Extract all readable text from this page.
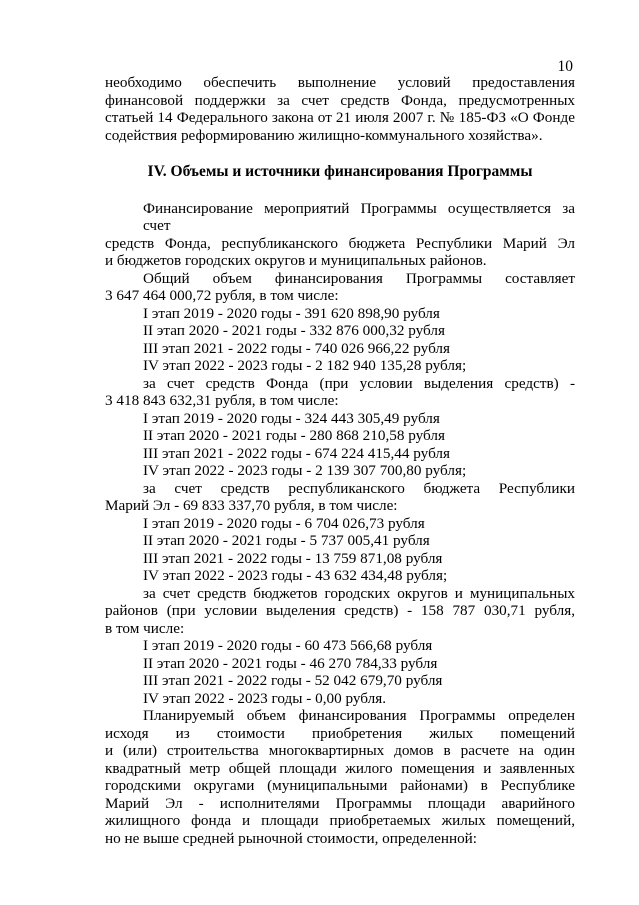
10
необходимо обеспечить выполнение условий предоставления
финансовой поддержки за счет средств Фонда, предусмотренных
статьей 14 Федерального закона от 21 июля 2007 г. № 185-ФЗ «О Фонде
содействия реформированию жилищно-коммунального хозяйства».
IV. Объемы и источники финансирования Программы
Финансирование мероприятий Программы осуществляется за счет
средств Фонда, республиканского бюджета Республики Марий Эл
и бюджетов городских округов и муниципальных районов.
Общий объем финансирования Программы составляет
3 647 464 000,72 рубля, в том числе:
I этап 2019 - 2020 годы - 391 620 898,90 рубля
II этап 2020 - 2021 годы - 332 876 000,32 рубля
III этап 2021 - 2022 годы - 740 026 966,22 рубля
IV этап 2022 - 2023 годы - 2 182 940 135,28 рубля;
за счет средств Фонда (при условии выделения средств) -
3 418 843 632,31 рубля, в том числе:
I этап 2019 - 2020 годы - 324 443 305,49 рубля
II этап 2020 - 2021 годы - 280 868 210,58 рубля
III этап 2021 - 2022 годы - 674 224 415,44 рубля
IV этап 2022 - 2023 годы - 2 139 307 700,80 рубля;
за счет средств республиканского бюджета Республики
Марий Эл - 69 833 337,70 рубля, в том числе:
I этап 2019 - 2020 годы - 6 704 026,73 рубля
II этап 2020 - 2021 годы - 5 737 005,41 рубля
III этап 2021 - 2022 годы - 13 759 871,08 рубля
IV этап 2022 - 2023 годы - 43 632 434,48 рубля;
за счет средств бюджетов городских округов и муниципальных
районов (при условии выделения средств) - 158 787 030,71 рубля,
в том числе:
I этап 2019 - 2020 годы - 60 473 566,68 рубля
II этап 2020 - 2021 годы - 46 270 784,33 рубля
III этап 2021 - 2022 годы - 52 042 679,70 рубля
IV этап 2022 - 2023 годы - 0,00 рубля.
Планируемый объем финансирования Программы определен
исходя из стоимости приобретения жилых помещений
и (или) строительства многоквартирных домов в расчете на один
квадратный метр общей площади жилого помещения и заявленных
городскими округами (муниципальными районами) в Республике
Марий Эл - исполнителями Программы площади аварийного
жилищного фонда и площади приобретаемых жилых помещений,
но не выше средней рыночной стоимости, определенной:
